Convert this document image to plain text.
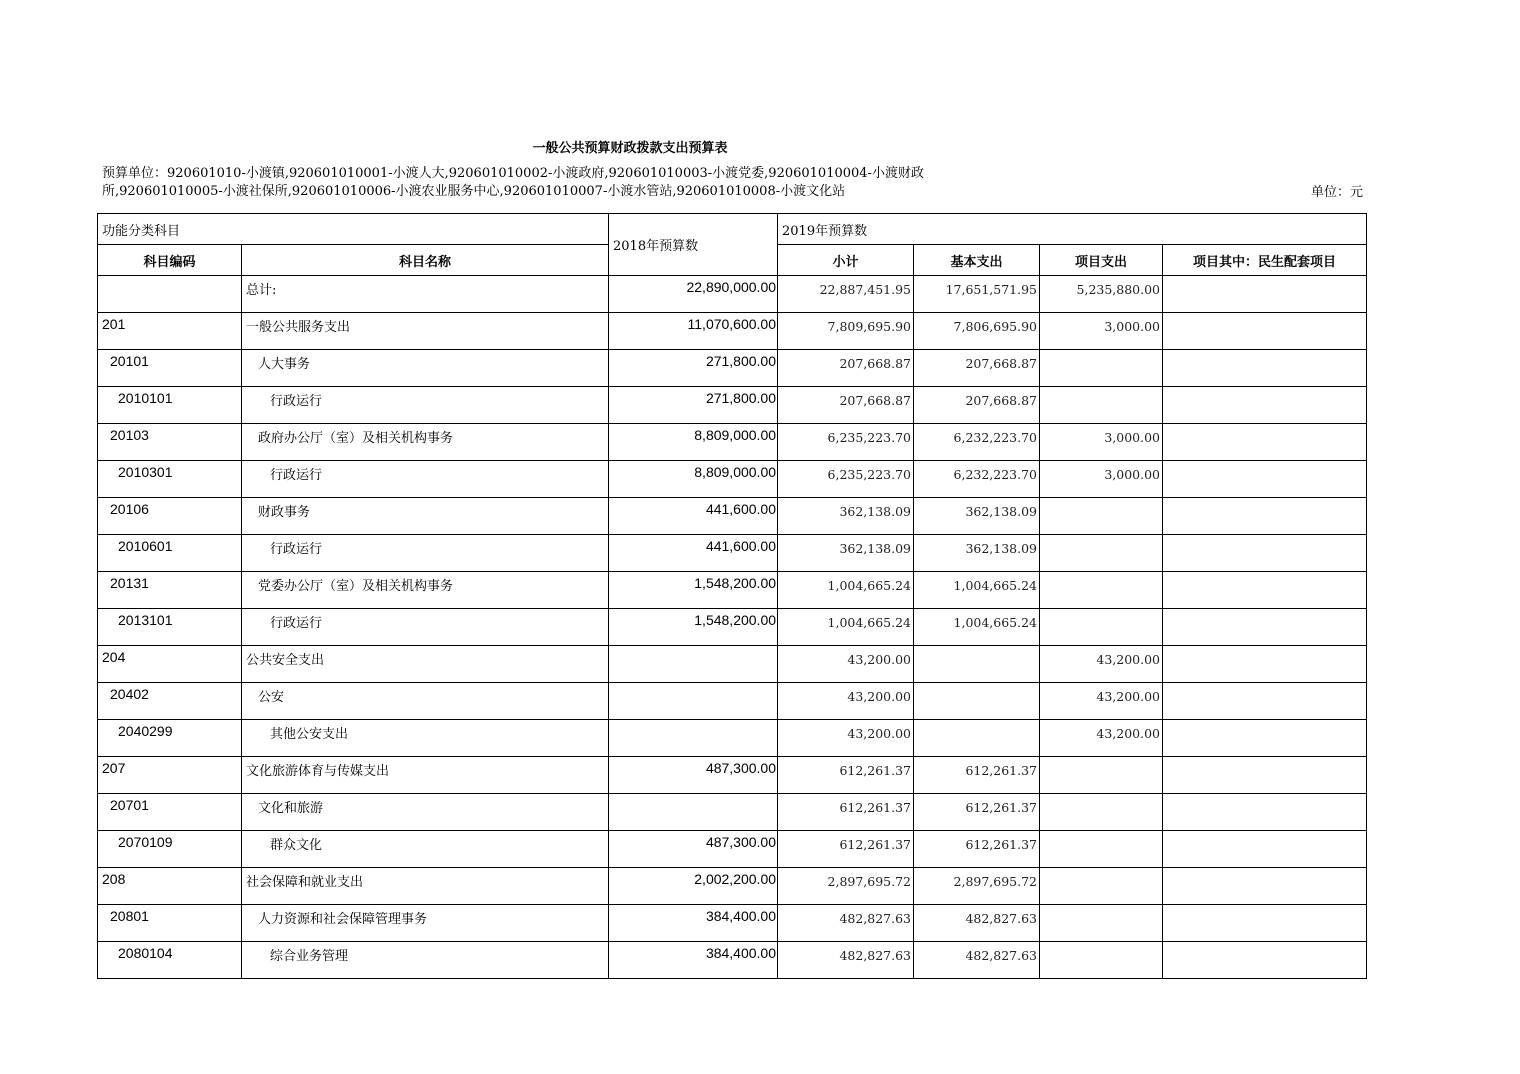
一般公共预算财政拨款支出预算表
预算单位：920601010-小渡镇,920601010001-小渡人大,920601010002-小渡政府,920601010003-小渡党委,920601010004-小渡财政
所,920601010005-小渡社保所,920601010006-小渡农业服务中心,920601010007-小渡水管站,920601010008-小渡文化站	单位：元
功能分类科目		2018年预算数	2019年预算数			
科目编码	科目名称		小计	基本支出	项目支出	项目其中：民生配套项目
	总计:	22,890,000.00	22,887,451.95	17,651,571.95	5,235,880.00	
201	一般公共服务支出	11,070,600.00	7,809,695.90	7,806,695.90	3,000.00	
20101	人大事务	271,800.00	207,668.87	207,668.87		
2010101	行政运行	271,800.00	207,668.87	207,668.87		
20103	政府办公厅（室）及相关机构事务	8,809,000.00	6,235,223.70	6,232,223.70	3,000.00	
2010301	行政运行	8,809,000.00	6,235,223.70	6,232,223.70	3,000.00	
20106	财政事务	441,600.00	362,138.09	362,138.09		
2010601	行政运行	441,600.00	362,138.09	362,138.09		
20131	党委办公厅（室）及相关机构事务	1,548,200.00	1,004,665.24	1,004,665.24		
2013101	行政运行	1,548,200.00	1,004,665.24	1,004,665.24		
204	公共安全支出		43,200.00		43,200.00	
20402	公安		43,200.00		43,200.00	
2040299	其他公安支出		43,200.00		43,200.00	
207	文化旅游体育与传媒支出	487,300.00	612,261.37	612,261.37		
20701	文化和旅游		612,261.37	612,261.37		
2070109	群众文化	487,300.00	612,261.37	612,261.37		
208	社会保障和就业支出	2,002,200.00	2,897,695.72	2,897,695.72		
20801	人力资源和社会保障管理事务	384,400.00	482,827.63	482,827.63		
2080104	综合业务管理	384,400.00	482,827.63	482,827.63		
